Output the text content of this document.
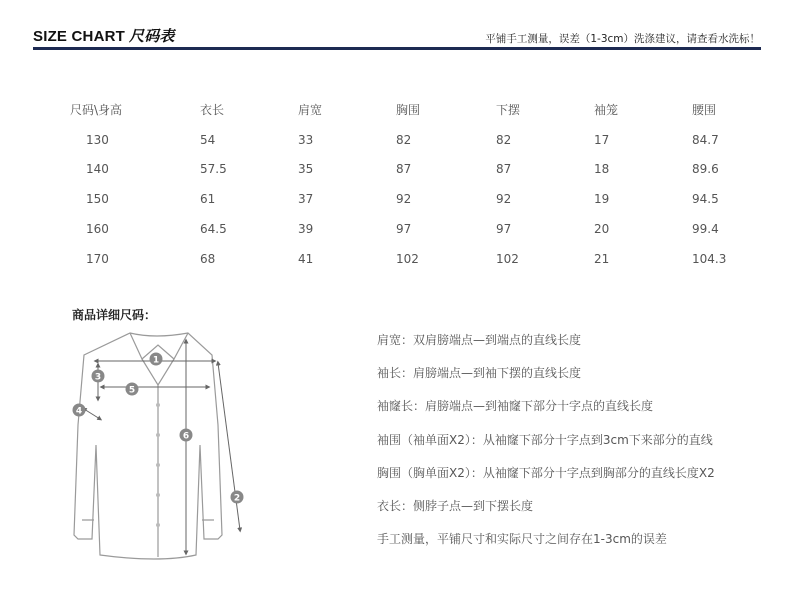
SIZE CHART 尺码表	平铺手工测量，误差（1-3cm）洗涤建议，请查看水洗标！
尺码\身高	衣长	肩宽	胸围	下摆	袖笼	腰围
130	54	33	82	82	17	84.7
140	57.5	35	87	87	18	89.6
150	61	37	92	92	19	94.5
160	64.5	39	97	97	20	99.4
170	68	41	102	102	21	104.3
商品详细尺码：
1
2
3
4
5
6
肩宽：双肩膀端点—到端点的直线长度
袖长：肩膀端点—到袖下摆的直线长度
袖窿长：肩膀端点—到袖窿下部分十字点的直线长度
袖围（袖单面X2）：从袖窿下部分十字点到3cm下来部分的直线
胸围（胸单面X2）：从袖窿下部分十字点到胸部分的直线长度X2
衣长：侧脖子点—到下摆长度
手工测量，平铺尺寸和实际尺寸之间存在1-3cm的误差
